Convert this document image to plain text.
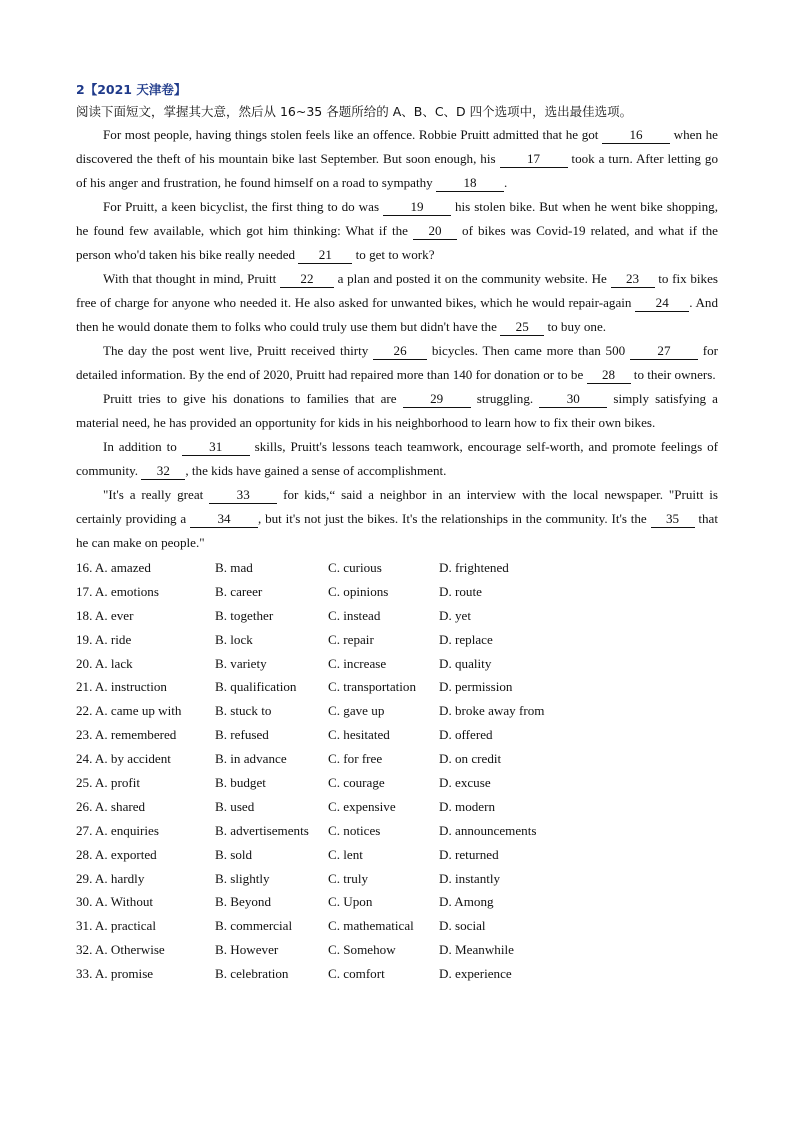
2【2021 天津卷】
阅读下面短文，掌握其大意，然后从 16~35 各题所给的 A、B、C、D 四个选项中，选出最佳选项。

For most people, having things stolen feels like an offence. Robbie Pruitt admitted that he got 16 when he discovered the theft of his mountain bike last September. But soon enough, his 17 took a turn. After letting go of his anger and frustration, he found himself on a road to sympathy 18 .

For Pruitt, a keen bicyclist, the first thing to do was 19 his stolen bike. But when he went bike shopping, he found few available, which got him thinking: What if the 20 of bikes was Covid-19 related, and what if the person who'd taken his bike really needed 21 to get to work?

With that thought in mind, Pruitt 22 a plan and posted it on the community website. He 23 to fix bikes free of charge for anyone who needed it. He also asked for unwanted bikes, which he would repair-again 24 . And then he would donate them to folks who could truly use them but didn't have the 25 to buy one.

The day the post went live, Pruitt received thirty 26 bicycles. Then came more than 500 27 for detailed information. By the end of 2020, Pruitt had repaired more than 140 for donation or to be 28 to their owners.

Pruitt tries to give his donations to families that are 29 struggling. 30 simply satisfying a material need, he has provided an opportunity for kids in his neighborhood to learn how to fix their own bikes.

In addition to 31 skills, Pruitt's lessons teach teamwork, encourage self-worth, and promote feelings of community. 32 , the kids have gained a sense of accomplishment.

"It's a really great 33 for kids,“ said a neighbor in an interview with the local newspaper. "Pruitt is certainly providing a 34 , but it's not just the bikes. It's the relationships in the community. It's the 35 that he can make on people."

16. A. amazed	B. mad	C. curious	D. frightened
17. A. emotions	B. career	C. opinions	D. route
18. A. ever	B. together	C. instead	D. yet
19. A. ride	B. lock	C. repair	D. replace
20. A. lack	B. variety	C. increase	D. quality
21. A. instruction	B. qualification	C. transportation	D. permission
22. A. came up with	B. stuck to	C. gave up	D. broke away from
23. A. remembered	B. refused	C. hesitated	D. offered
24. A. by accident	B. in advance	C. for free	D. on credit
25. A. profit	B. budget	C. courage	D. excuse
26. A. shared	B. used	C. expensive	D. modern
27. A. enquiries	B. advertisements	C. notices	D. announcements
28. A. exported	B. sold	C. lent	D. returned
29. A. hardly	B. slightly	C. truly	D. instantly
30. A. Without	B. Beyond	C. Upon	D. Among
31. A. practical	B. commercial	C. mathematical	D. social
32. A. Otherwise	B. However	C. Somehow	D. Meanwhile
33. A. promise	B. celebration	C. comfort	D. experience
